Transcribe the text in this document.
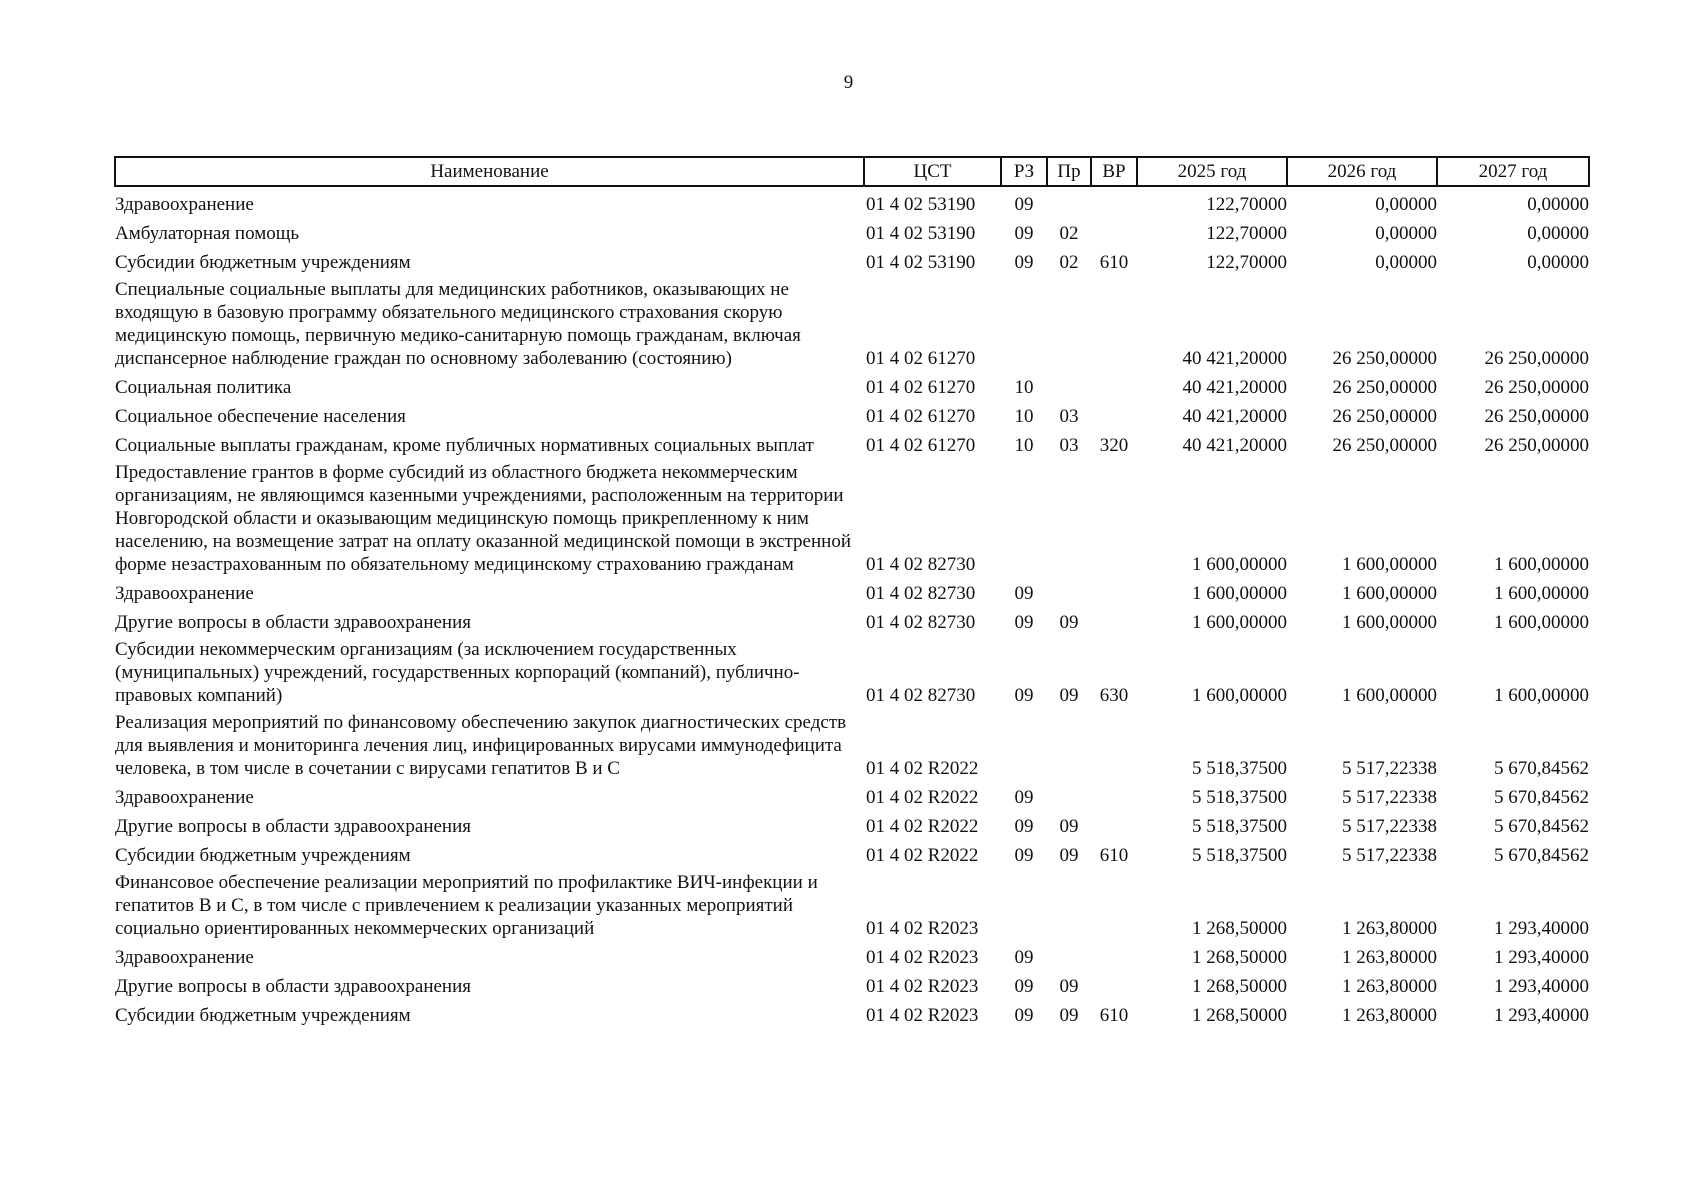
9
Наименование	ЦСТ	РЗ	Пр	ВР	2025 год	2026 год	2027 год
Здравоохранение	01 4 02 53190	09			122,70000	0,00000	0,00000
Амбулаторная помощь	01 4 02 53190	09	02		122,70000	0,00000	0,00000
Субсидии бюджетным учреждениям	01 4 02 53190	09	02	610	122,70000	0,00000	0,00000
Специальные социальные выплаты для медицинских работников, оказывающих не входящую в базовую программу обязательного медицинского страхования скорую медицинскую помощь, первичную медико-санитарную помощь гражданам, включая диспансерное наблюдение граждан по основному заболеванию (состоянию)	01 4 02 61270				40 421,20000	26 250,00000	26 250,00000
Социальная политика	01 4 02 61270	10			40 421,20000	26 250,00000	26 250,00000
Социальное обеспечение населения	01 4 02 61270	10	03		40 421,20000	26 250,00000	26 250,00000
Социальные выплаты гражданам, кроме публичных нормативных социальных выплат	01 4 02 61270	10	03	320	40 421,20000	26 250,00000	26 250,00000
Предоставление грантов в форме субсидий из областного бюджета некоммерческим организациям, не являющимся казенными учреждениями, расположенным на территории Новгородской области и оказывающим медицинскую помощь прикрепленному к ним населению, на возмещение затрат на оплату оказанной медицинской помощи в экстренной форме незастрахованным по обязательному медицинскому страхованию гражданам	01 4 02 82730				1 600,00000	1 600,00000	1 600,00000
Здравоохранение	01 4 02 82730	09			1 600,00000	1 600,00000	1 600,00000
Другие вопросы в области здравоохранения	01 4 02 82730	09	09		1 600,00000	1 600,00000	1 600,00000
Субсидии некоммерческим организациям (за исключением государственных (муниципальных) учреждений, государственных корпораций (компаний), публично-правовых компаний)	01 4 02 82730	09	09	630	1 600,00000	1 600,00000	1 600,00000
Реализация мероприятий по финансовому обеспечению закупок диагностических средств для выявления и мониторинга лечения лиц, инфицированных вирусами иммунодефицита человека, в том числе в сочетании с вирусами гепатитов В и С	01 4 02 R2022				5 518,37500	5 517,22338	5 670,84562
Здравоохранение	01 4 02 R2022	09			5 518,37500	5 517,22338	5 670,84562
Другие вопросы в области здравоохранения	01 4 02 R2022	09	09		5 518,37500	5 517,22338	5 670,84562
Субсидии бюджетным учреждениям	01 4 02 R2022	09	09	610	5 518,37500	5 517,22338	5 670,84562
Финансовое обеспечение реализации мероприятий по профилактике ВИЧ-инфекции и гепатитов В и С, в том числе с привлечением к реализации указанных мероприятий социально ориентированных некоммерческих организаций	01 4 02 R2023				1 268,50000	1 263,80000	1 293,40000
Здравоохранение	01 4 02 R2023	09			1 268,50000	1 263,80000	1 293,40000
Другие вопросы в области здравоохранения	01 4 02 R2023	09	09		1 268,50000	1 263,80000	1 293,40000
Субсидии бюджетным учреждениям	01 4 02 R2023	09	09	610	1 268,50000	1 263,80000	1 293,40000
